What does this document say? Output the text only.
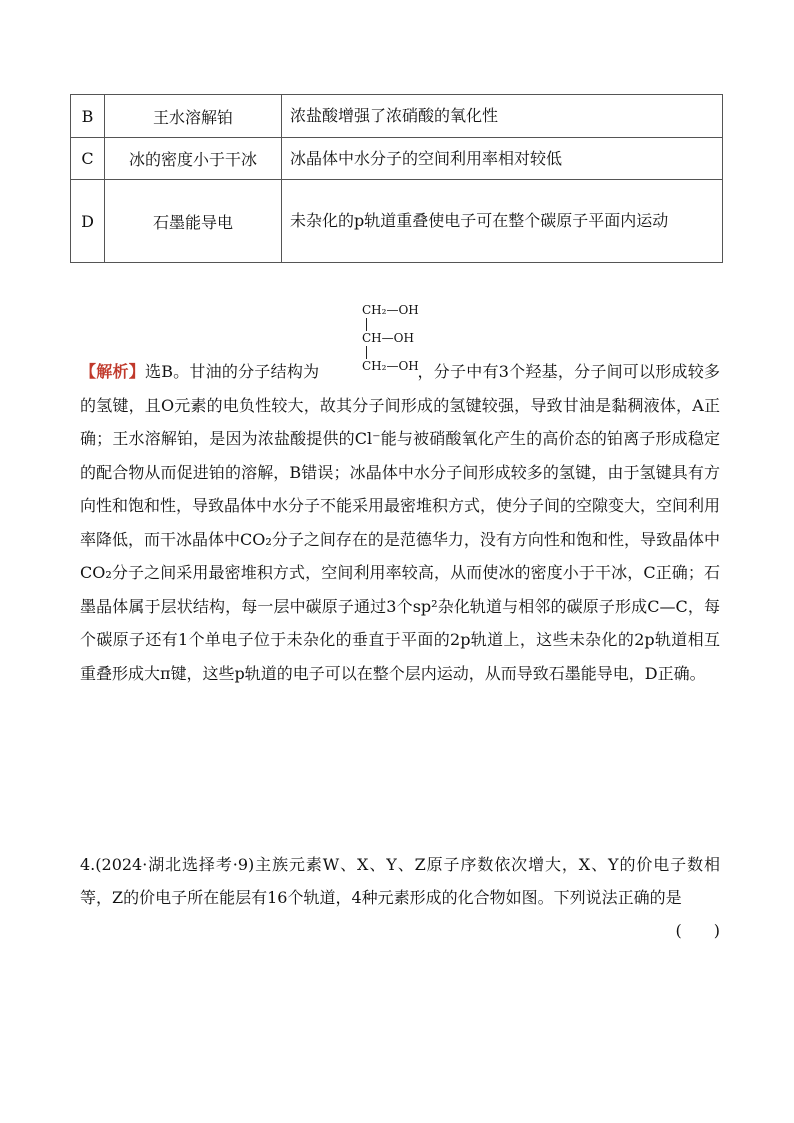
B	王水溶解铂	浓盐酸增强了浓硝酸的氧化性
C	冰的密度小于干冰	冰晶体中水分子的空间利用率相对较低
D	石墨能导电	未杂化的p轨道重叠使电子可在整个碳原子平面内运动
CH₂—OH
CH—OH
CH₂—OH

【解析】选B。甘油的分子结构为	，分子中有3个羟基，分子间可以形成较多的氢键，且O元素的电负性较大，故其分子间形成的氢键较强，导致甘油是黏稠液体，A正确；王水溶解铂，是因为浓盐酸提供的Cl⁻能与被硝酸氧化产生的高价态的铂离子形成稳定的配合物从而促进铂的溶解，B错误；冰晶体中水分子间形成较多的氢键，由于氢键具有方向性和饱和性，导致晶体中水分子不能采用最密堆积方式，使分子间的空隙变大，空间利用率降低，而干冰晶体中CO₂分子之间存在的是范德华力，没有方向性和饱和性，导致晶体中CO₂分子之间采用最密堆积方式，空间利用率较高，从而使冰的密度小于干冰，C正确；石墨晶体属于层状结构，每一层中碳原子通过3个sp²杂化轨道与相邻的碳原子形成C—C，每个碳原子还有1个单电子位于未杂化的垂直于平面的2p轨道上，这些未杂化的2p轨道相互重叠形成大π键，这些p轨道的电子可以在整个层内运动，从而导致石墨能导电，D正确。

4.(2024·湖北选择考·9)主族元素W、X、Y、Z原子序数依次增大，X、Y的价电子数相等，Z的价电子所在能层有16个轨道，4种元素形成的化合物如图。下列说法正确的是
(　　)
